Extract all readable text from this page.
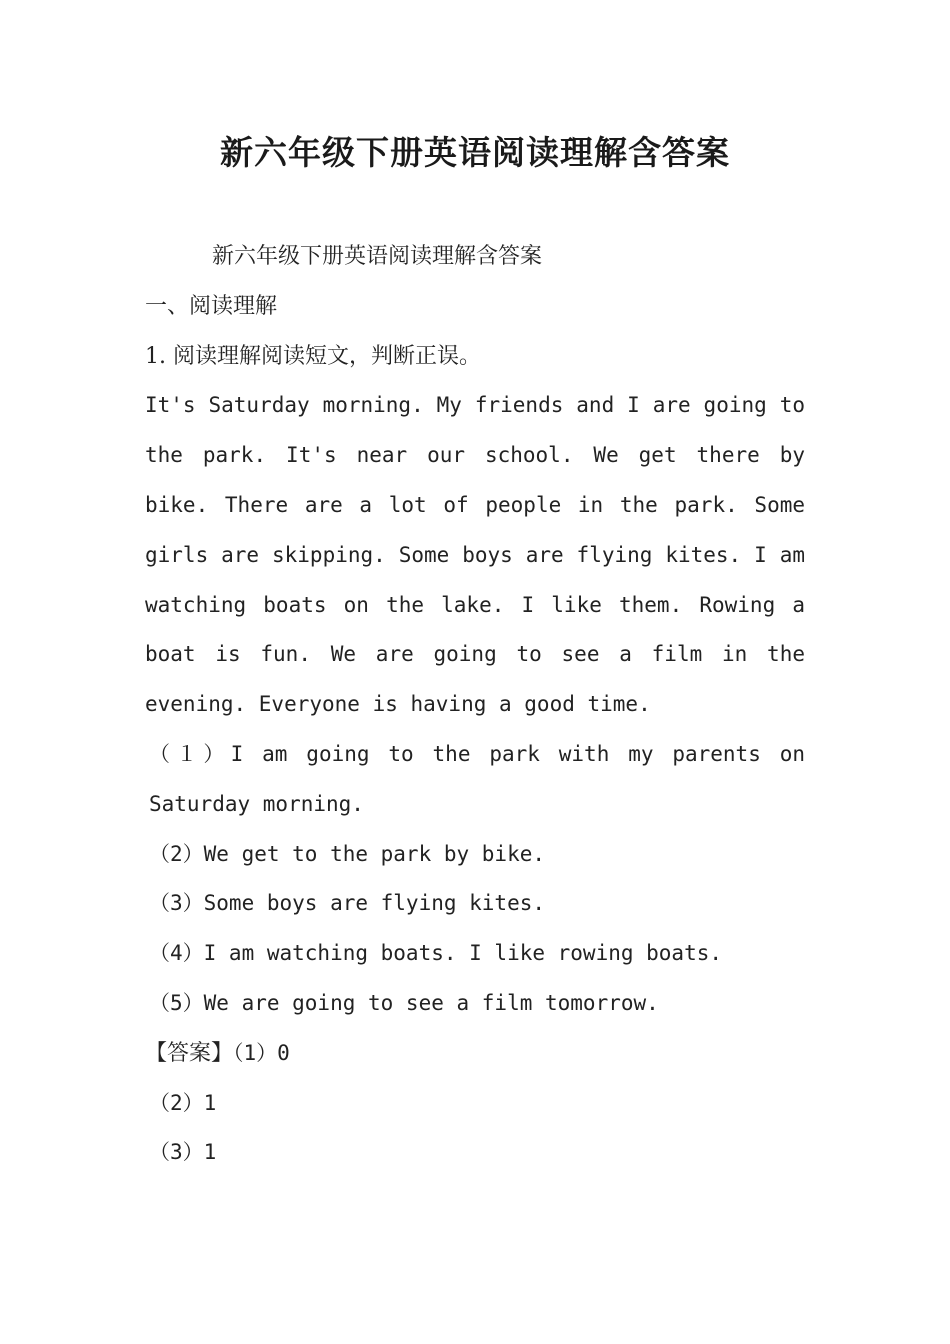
新六年级下册英语阅读理解含答案

新六年级下册英语阅读理解含答案

一、阅读理解

1. 阅读理解阅读短文，判断正误。

It's Saturday morning. My friends and I are going to the park. It's near our school. We get there by bike. There are a lot of people in the park. Some girls are skipping. Some boys are flying kites. I am watching boats on the lake. I like them. Rowing a boat is fun. We are going to see a film in the evening. Everyone is having a good time.

（１）I am going to the park with my parents on Saturday morning.

（2）We get to the park by bike.

（3）Some boys are flying kites.

（4）I am watching boats. I like rowing boats.

（5）We are going to see a film tomorrow.

【答案】（1）0

（2）1

（3）1
